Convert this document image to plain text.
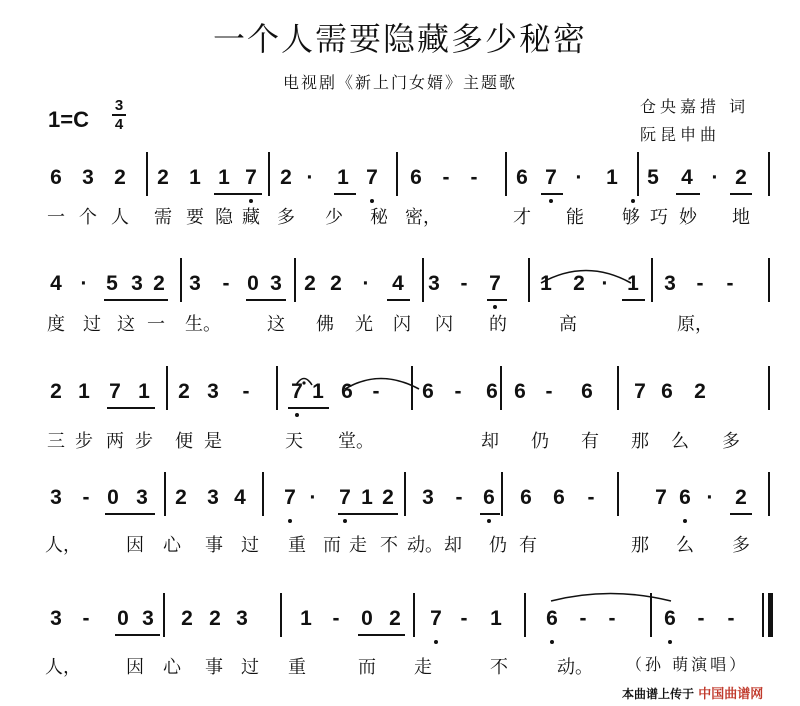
一个人需要隐藏多少秘密
电视剧《新上门女婿》主题歌
仓央嘉措 词
阮昆申曲
1=C
3
4
6 3 2 2 1 1 7 2 · 1 7 6 - - 6 7 · 1 5 4 · 2
一 个 人 需 要 隐 藏 多 少 秘 密，	才 能 够 巧 妙 地
4 · 5 3 2 3 - 0 3 2 2 · 4 3 - 7 1 2 · 1 3 - -
度 过 这 一 生。	这 佛 光 闪 闪 的	高	原，
2 1 7 1 2 3 - 7 1 6 - 6 - 6 6 - 6 7 6 2
三 步 两 步 便 是	天 堂。	却 仍 有 那 么 多
3 - 0 3 2 3 4 7 · 7 1 2 3 - 6 6 6 -	7 6 · 2
人，	因 心 事 过 重 而 走 不 动。 却 仍 有	那 么 多
3 - 0 3 2 2 3 1 - 0 2 7 - 1 6 - - 6 - -
人，	因 心 事 过 重	而 走	不	动。 （孙 萌演唱）
本曲谱上传于 中国曲谱网
